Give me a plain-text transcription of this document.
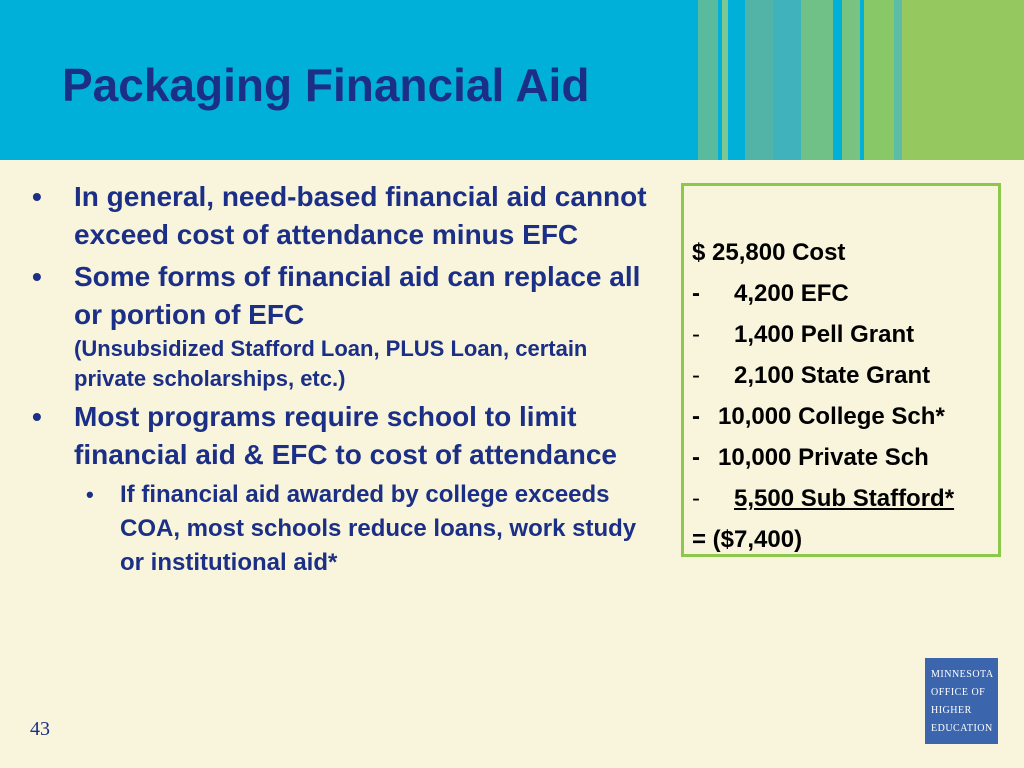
Packaging Financial Aid
• In general, need-based financial aid cannot exceed cost of attendance minus EFC
• Some forms of financial aid can replace all or portion of EFC
(Unsubsidized Stafford Loan, PLUS Loan, certain private scholarships, etc.)
• Most programs require school to limit financial aid & EFC to cost of attendance
• If financial aid awarded by college exceeds COA, most schools reduce loans, work study or institutional aid*
$ 25,800 Cost
- 4,200 EFC
- 1,400 Pell Grant
- 2,100 State Grant
- 10,000 College Sch*
- 10,000 Private Sch
- 5,500 Sub Stafford*
= ($7,400)
43
MINNESOTA
OFFICE OF
HIGHER
EDUCATION
